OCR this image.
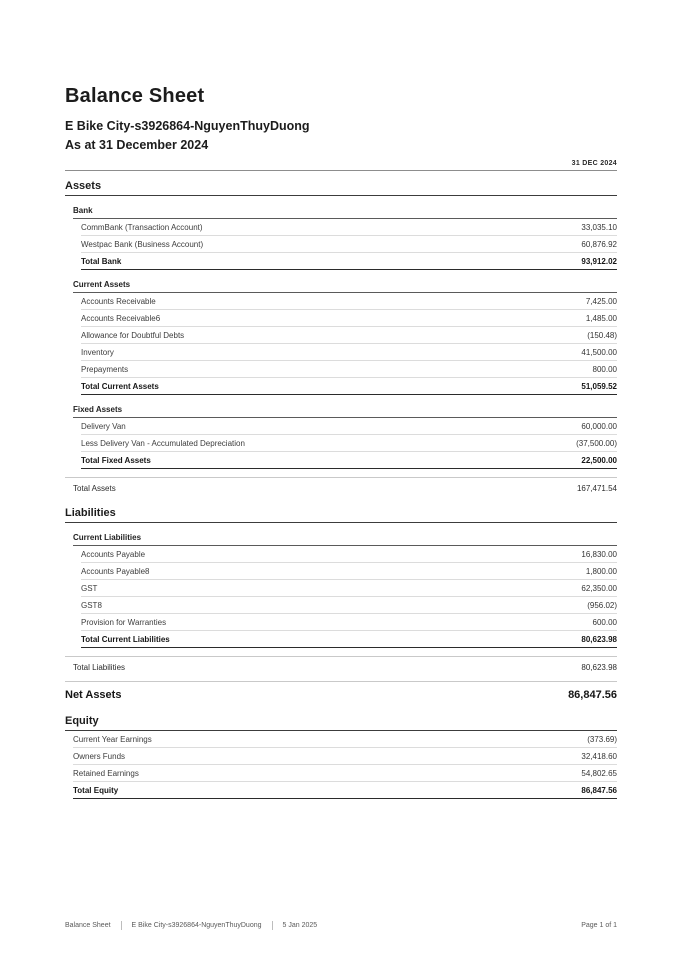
Balance Sheet
E Bike City-s3926864-NguyenThuyDuong
As at 31 December 2024
31 DEC 2024
Assets
Bank
CommBank (Transaction Account)	33,035.10
Westpac Bank (Business Account)	60,876.92
Total Bank	93,912.02
Current Assets
Accounts Receivable	7,425.00
Accounts Receivable6	1,485.00
Allowance for Doubtful Debts	(150.48)
Inventory	41,500.00
Prepayments	800.00
Total Current Assets	51,059.52
Fixed Assets
Delivery Van	60,000.00
Less Delivery Van - Accumulated Depreciation	(37,500.00)
Total Fixed Assets	22,500.00
Total Assets	167,471.54
Liabilities
Current Liabilities
Accounts Payable	16,830.00
Accounts Payable8	1,800.00
GST	62,350.00
GST8	(956.02)
Provision for Warranties	600.00
Total Current Liabilities	80,623.98
Total Liabilities	80,623.98
Net Assets	86,847.56
Equity
Current Year Earnings	(373.69)
Owners Funds	32,418.60
Retained Earnings	54,802.65
Total Equity	86,847.56
Balance Sheet	E Bike City-s3926864-NguyenThuyDuong	5 Jan 2025	Page 1 of 1
